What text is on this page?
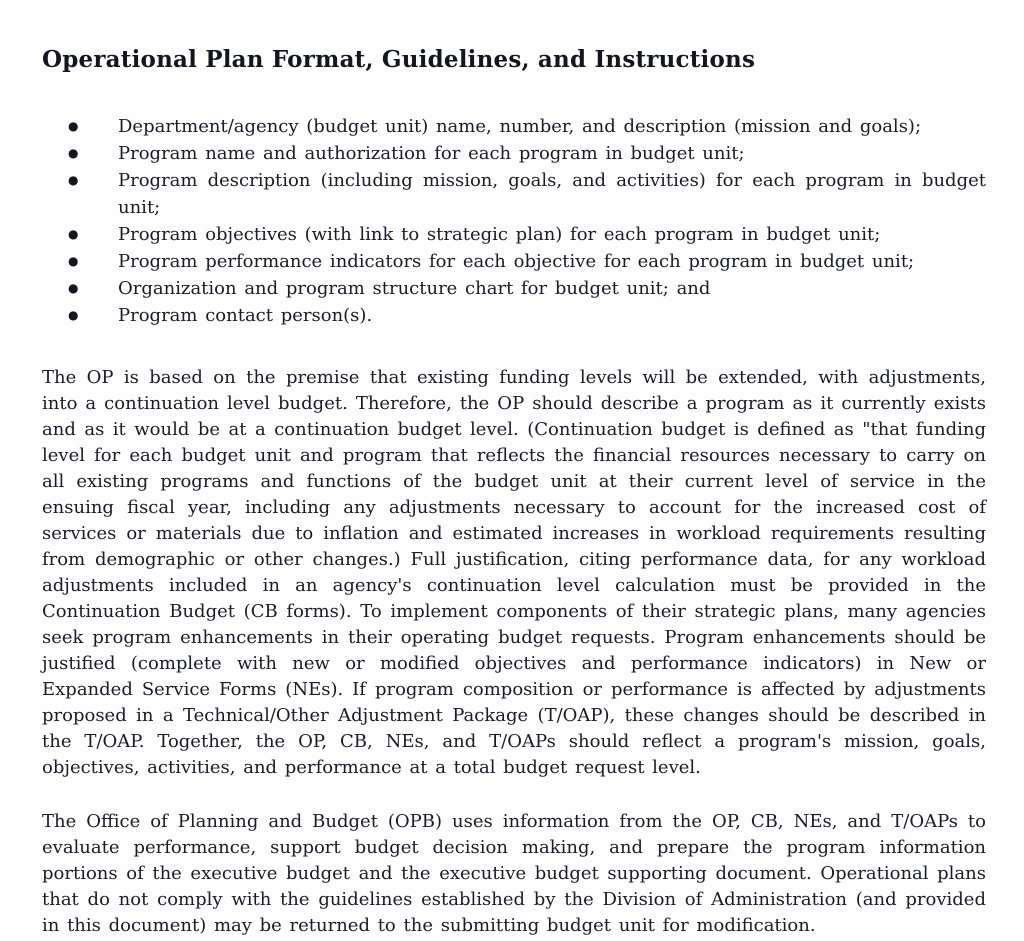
Operational Plan Format, Guidelines, and Instructions
● Department/agency (budget unit) name, number, and description (mission and goals);
● Program name and authorization for each program in budget unit;
● Program description (including mission, goals, and activities) for each program in budget unit;
● Program objectives (with link to strategic plan) for each program in budget unit;
● Program performance indicators for each objective for each program in budget unit;
● Organization and program structure chart for budget unit; and
● Program contact person(s).

The OP is based on the premise that existing funding levels will be extended, with adjustments, into a continuation level budget. Therefore, the OP should describe a program as it currently exists and as it would be at a continuation budget level. (Continuation budget is defined as "that funding level for each budget unit and program that reflects the financial resources necessary to carry on all existing programs and functions of the budget unit at their current level of service in the ensuing fiscal year, including any adjustments necessary to account for the increased cost of services or materials due to inflation and estimated increases in workload requirements resulting from demographic or other changes.) Full justification, citing performance data, for any workload adjustments included in an agency's continuation level calculation must be provided in the Continuation Budget (CB forms). To implement components of their strategic plans, many agencies seek program enhancements in their operating budget requests. Program enhancements should be justified (complete with new or modified objectives and performance indicators) in New or Expanded Service Forms (NEs). If program composition or performance is affected by adjustments proposed in a Technical/Other Adjustment Package (T/OAP), these changes should be described in the T/OAP. Together, the OP, CB, NEs, and T/OAPs should reflect a program's mission, goals, objectives, activities, and performance at a total budget request level.

The Office of Planning and Budget (OPB) uses information from the OP, CB, NEs, and T/OAPs to evaluate performance, support budget decision making, and prepare the program information portions of the executive budget and the executive budget supporting document. Operational plans that do not comply with the guidelines established by the Division of Administration (and provided in this document) may be returned to the submitting budget unit for modification.
